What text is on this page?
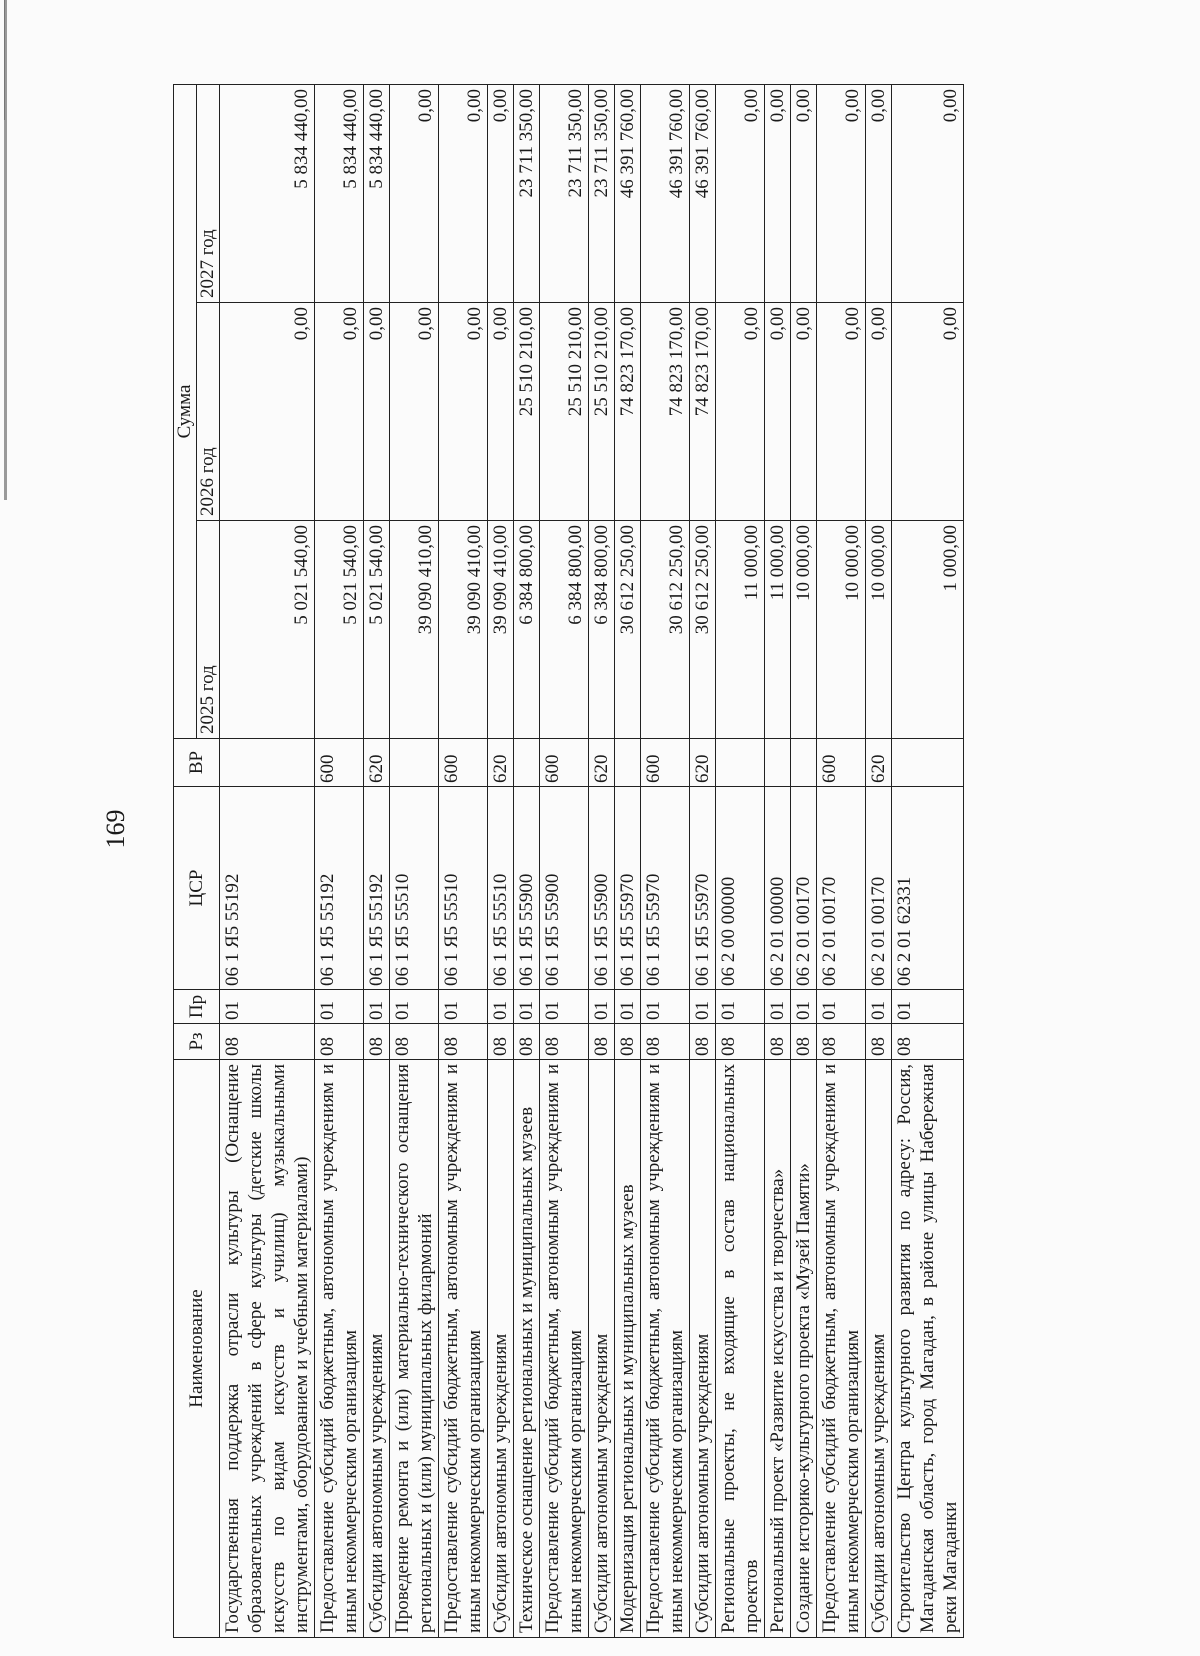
169
Наименование	Рз	Пр	ЦСР	ВР	Сумма		
					2025 год	2026 год	2027 год
Государственная поддержка отрасли культуры (Оснащение образовательных учреждений в сфере культуры (детские школы искусств по видам искусств и училищ) музыкальными инструментами, оборудованием и учебными материалами)	08	01	06 1 Я5 55192		5 021 540,00	0,00	5 834 440,00
Предоставление субсидий бюджетным, автономным учреждениям и иным некоммерческим организациям	08	01	06 1 Я5 55192	600	5 021 540,00	0,00	5 834 440,00
Субсидии автономным учреждениям	08	01	06 1 Я5 55192	620	5 021 540,00	0,00	5 834 440,00
Проведение ремонта и (или) материально-технического оснащения региональных и (или) муниципальных филармоний	08	01	06 1 Я5 55510		39 090 410,00	0,00	0,00
Предоставление субсидий бюджетным, автономным учреждениям и иным некоммерческим организациям	08	01	06 1 Я5 55510	600	39 090 410,00	0,00	0,00
Субсидии автономным учреждениям	08	01	06 1 Я5 55510	620	39 090 410,00	0,00	0,00
Техническое оснащение региональных и муниципальных музеев	08	01	06 1 Я5 55900		6 384 800,00	25 510 210,00	23 711 350,00
Предоставление субсидий бюджетным, автономным учреждениям и иным некоммерческим организациям	08	01	06 1 Я5 55900	600	6 384 800,00	25 510 210,00	23 711 350,00
Субсидии автономным учреждениям	08	01	06 1 Я5 55900	620	6 384 800,00	25 510 210,00	23 711 350,00
Модернизация региональных и муниципальных музеев	08	01	06 1 Я5 55970		30 612 250,00	74 823 170,00	46 391 760,00
Предоставление субсидий бюджетным, автономным учреждениям и иным некоммерческим организациям	08	01	06 1 Я5 55970	600	30 612 250,00	74 823 170,00	46 391 760,00
Субсидии автономным учреждениям	08	01	06 1 Я5 55970	620	30 612 250,00	74 823 170,00	46 391 760,00
Региональные проекты, не входящие в состав национальных проектов	08	01	06 2 00 00000		11 000,00	0,00	0,00
Региональный проект «Развитие искусства и творчества»	08	01	06 2 01 00000		11 000,00	0,00	0,00
Создание историко-культурного проекта «Музей Памяти»	08	01	06 2 01 00170		10 000,00	0,00	0,00
Предоставление субсидий бюджетным, автономным учреждениям и иным некоммерческим организациям	08	01	06 2 01 00170	600	10 000,00	0,00	0,00
Субсидии автономным учреждениям	08	01	06 2 01 00170	620	10 000,00	0,00	0,00
Строительство Центра культурного развития по адресу: Россия, Магаданская область, город Магадан, в районе улицы Набережная реки Магаданки	08	01	06 2 01 62331		1 000,00	0,00	0,00
